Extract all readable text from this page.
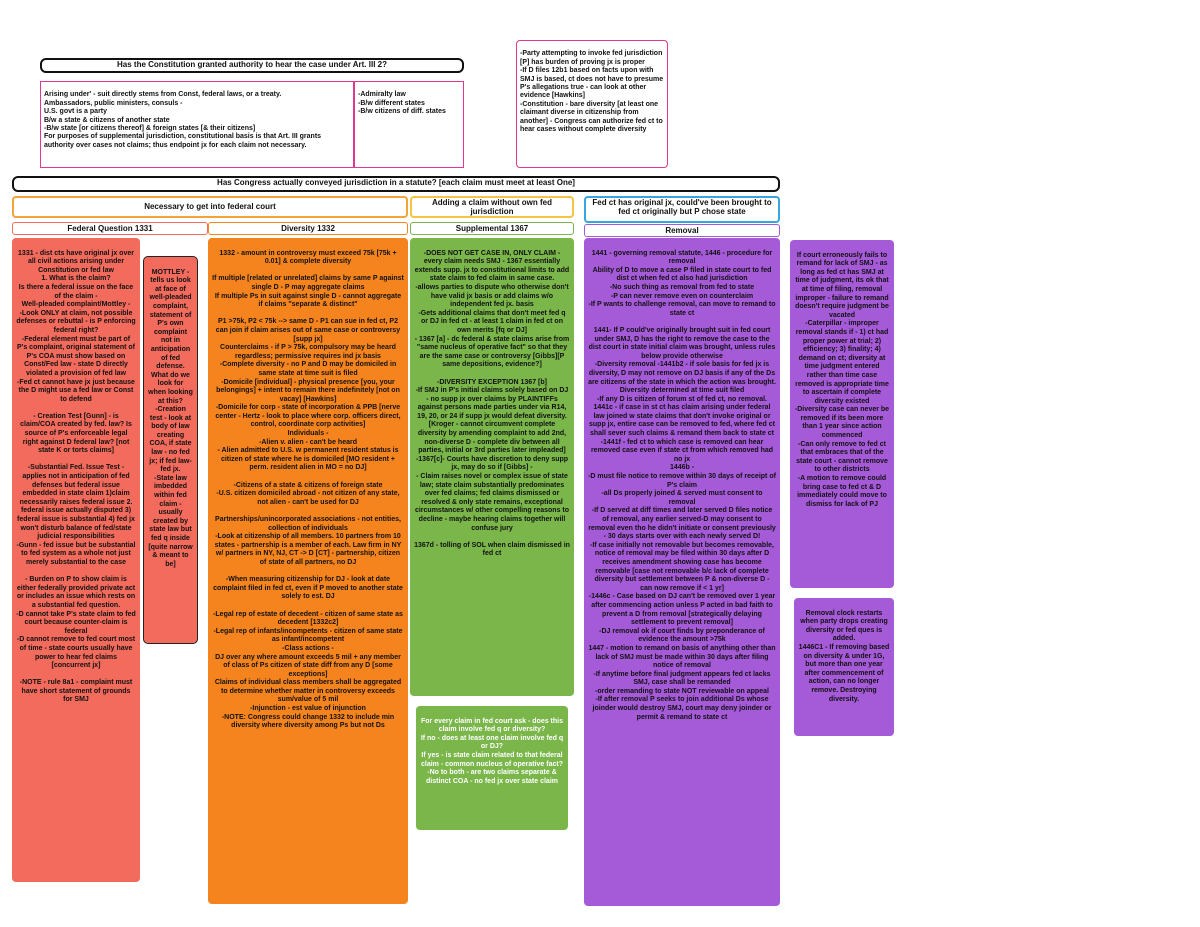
Has the Constitution granted authority to hear the case under Art. III 2?

Arising under' - suit directly stems from Const, federal laws, or a treaty.
Ambassadors, public ministers, consuls -
U.S. govt is a party
B/w a state & citizens of another state
-B/w state [or citizens thereof] & foreign states [& their citizens]
For purposes of supplemental jurisdiction, constitutional basis is that Art. III grants authority over cases not claims; thus endpoint jx for each claim not necessary.

-Admiralty law
-B/w different states
-B/w citizens of diff. states

-Party attempting to invoke fed jurisdiction [P] has burden of proving jx is proper
-If D files 12b1 based on facts upon with SMJ is based, ct does not have to presume P's allegations true - can look at other evidence [Hawkins]
-Constitution - bare diversity [at least one claimant diverse in citizenship from another] - Congress can authorize fed ct to hear cases without complete diversity

Has Congress actually conveyed jurisdiction in a statute? [each claim must meet at least One]
Necessary to get into federal court	Adding a claim without own fed jurisdiction
Fed ct has original jx, could've been brought to fed ct originally but P chose state
Federal Question 1331	Diversity 1332	Supplemental 1367	Removal

1331 - dist cts have original jx over all civil actions arising under Constitution or fed law
1. What is the claim?
Is there a federal issue on the face of the claim -
Well-pleaded complaint/Mottley -
-Look ONLY at claim, not possible defenses or rebuttal - is P enforcing federal right?
-Federal element must be part of P's complaint, original statement of P's COA must show based on Const/Fed law - state D directly violated a provision of fed law
-Fed ct cannot have jx just because the D might use a fed law or Const to defend

- Creation Test [Gunn] - is claim/COA created by fed. law? Is source of P's enforceable legal right against D federal law? [not state K or torts claims]

-Substantial Fed. Issue Test - applies not in anticipation of fed defenses but federal issue embedded in state claim 1)claim necessarily raises federal issue 2. federal issue actually disputed 3) federal issue is substantial 4) fed jx won't disturb balance of fed/state judicial responsibilities
-Gunn - fed issue but be substantial to fed system as a whole not just merely substantial to the case

- Burden on P to show claim is either federally provided private act or includes an issue which rests on a substantial fed question.
-D cannot take P's state claim to fed court because counter-claim is federal
-D cannot remove to fed court most of time - state courts usually have power to hear fed claims [concurrent jx]

-NOTE - rule 8a1 - complaint must have short statement of grounds for SMJ

MOTTLEY - tells us look at face of well-pleaded complaint, statement of P's own complaint not in anticipation of fed defense. What do we look for when looking at this?
-Creation test - look at body of law creating COA, if state law - no fed jx; if fed law- fed jx.
-State law imbedded within fed claim - usually created by state law but fed q inside [quite narrow & meant to be]

1332 - amount in controversy must exceed 75k [75k + 0.01] & complete diversity

If multiple [related or unrelated] claims by same P against single D - P may aggregate claims
If multiple Ps in suit against single D - cannot aggregate if claims "separate & distinct"

P1 >75k, P2 < 75k --> same D - P1 can sue in fed ct, P2 can join if claim arises out of same case or controversy [supp jx]
Counterclaims - if P > 75k, compulsory may be heard regardless; permissive requires ind jx basis
-Complete diversity - no P and D may be domiciled in same state at time suit is filed
-Domicile [individual] - physical presence [you, your belongings] + intent to remain there indefinitely [not on vacay] [Hawkins]
-Domicile for corp - state of incorporation & PPB [nerve center - Hertz - look to place where corp. officers direct, control, coordinate corp activities]
Individuals -
-Alien v. alien - can't be heard
- Alien admitted to U.S. w permanent resident status is citizen of state where he is domiciled [MO resident + perm. resident alien in MO = no DJ]

-Citizens of a state & citizens of foreign state
-U.S. citizen domiciled abroad - not citizen of any state, not alien - can't be used for DJ

Partnerships/unincorporated associations - not entities, collection of individuals
-Look at citizenship of all members. 10 partners from 10 states - partnership is a member of each. Law firm in NY w/ partners in NY, NJ, CT -> D [CT] - partnership, citizen of state of all partners, no DJ

-When measuring citizenship for DJ - look at date complaint filed in fed ct, even if P moved to another state solely to est. DJ

-Legal rep of estate of decedent - citizen of same state as decedent [1332c2]
-Legal rep of infants/incompetents - citizen of same state as infant/incompetent
-Class actions -
DJ over any where amount exceeds 5 mil + any member of class of Ps citizen of state diff from any D [some exceptions]
Claims of individual class members shall be aggregated to determine whether matter in controversy exceeds sum/value of 5 mil
-Injunction - est value of injunction
-NOTE: Congress could change 1332 to include min diversity where diversity among Ps but not Ds

-DOES NOT GET CASE IN, ONLY CLAIM - every claim needs SMJ - 1367 essentially extends supp. jx to constitutional limits to add state claim to fed claim in same case.
-allows parties to dispute who otherwise don't have valid jx basis or add claims w/o independent fed jx. basis
-Gets additional claims that don't meet fed q or DJ in fed ct - at least 1 claim in fed ct on own merits [fq or DJ]
- 1367 [a] - dc federal & state claims arise from "same nucleus of operative fact" so that they are the same case or controversy [Gibbs][P same depositions, evidence?]

-DIVERSITY EXCEPTION 1367 [b]
-If SMJ in P's initial claims solely based on DJ - no supp jx over claims by PLAINTIFFs against persons made parties under via R14, 19, 20, or 24 if supp jx would defeat diversity.
[Kroger - cannot circumvent complete diversity by amending complaint to add 2nd, non-diverse D - complete div between all parties, initial or 3rd parties later impleaded]
-1367[c]- Courts have discretion to deny supp jx, may do so if [Gibbs] -
- Claim raises novel or complex issue of state law; state claim substantially predominates over fed claims; fed claims dismissed or resolved & only state remains, exceptional circumstances w/ other compelling reasons to decline - maybe hearing claims together will confuse jury

1367d - tolling of SOL when claim dismissed in fed ct

For every claim in fed court ask - does this claim involve fed q or diversity?
If no - does at least one claim involve fed q or DJ?
If yes - is state claim related to that federal claim - common nucleus of operative fact?
-No to both - are two claims separate & distinct COA - no fed jx over state claim

1441 - governing removal statute, 1446 - procedure for removal
Ability of D to move a case P filed in state court to fed dist ct when fed ct also had jurisdiction
-No such thing as removal from fed to state
-P can never remove even on counterclaim
-If P wants to challenge removal, can move to remand to state ct

1441- If P could've originally brought suit in fed court under SMJ, D has the right to remove the case to the dist court in state initial claim was brought, unless rules below provide otherwise
-Diversity removal -1441b2 - if sole basis for fed jx is diversity, D may not remove on DJ basis if any of the Ds are citizens of the state in which the action was brought. Diversity determined at time suit filed
-If any D is citizen of forum st of fed ct, no removal.
1441c - if case in st ct has claim arising under federal law joined w state claims that don't invoke original or supp jx, entire case can be removed to fed, where fed ct shall sever such claims & remand them back to state ct
-1441f - fed ct to which case is removed can hear removed case even if state ct from which removed had no jx
1446b -
-D must file notice to remove within 30 days of receipt of P's claim
-all Ds properly joined & served must consent to removal
-If D served at diff times and later served D files notice of removal, any earlier served-D may consent to removal even tho he didn't initiate or consent previously - 30 days starts over with each newly served D!
-If case initially not removable but becomes removable, notice of removal may be filed within 30 days after D receives amendment showing case has become removable [case not removable b/c lack of complete diversity but settlement between P & non-diverse D - can now remove if < 1 yr]
-1446c - Case based on DJ can't be removed over 1 year after commencing action unless P acted in bad faith to prevent a D from removal [strategically delaying settlement to prevent removal]
-DJ removal ok if court finds by preponderance of evidence the amount >75k
1447 - motion to remand on basis of anything other than lack of SMJ must be made within 30 days after filing notice of removal
-If anytime before final judgment appears fed ct lacks SMJ, case shall be remanded
-order remanding to state NOT reviewable on appeal
-If after removal P seeks to join additional Ds whose joinder would destroy SMJ, court may deny joinder or permit & remand to state ct

If court erroneously fails to remand for lack of SMJ - as long as fed ct has SMJ at time of judgment, its ok that at time of filing, removal improper - failure to remand doesn't require judgment be vacated
-Caterpillar - improper removal stands if - 1) ct had proper power at trial; 2) efficiency; 3) finality; 4) demand on ct; diversity at time judgment entered rather than time case removed is appropriate time to ascertain if complete diversity existed
-Diversity case can never be removed if its been more than 1 year since action commenced
-Can only remove to fed ct that embraces that of the state court - cannot remove to other districts
-A motion to remove could bring case to fed ct & D immediately could move to dismiss for lack of PJ

Removal clock restarts when party drops creating diversity or fed ques is added.
1446C1 - If removing based on diversity & under 1G, but more than one year after commencement of action, can no longer remove. Destroying diversity.
